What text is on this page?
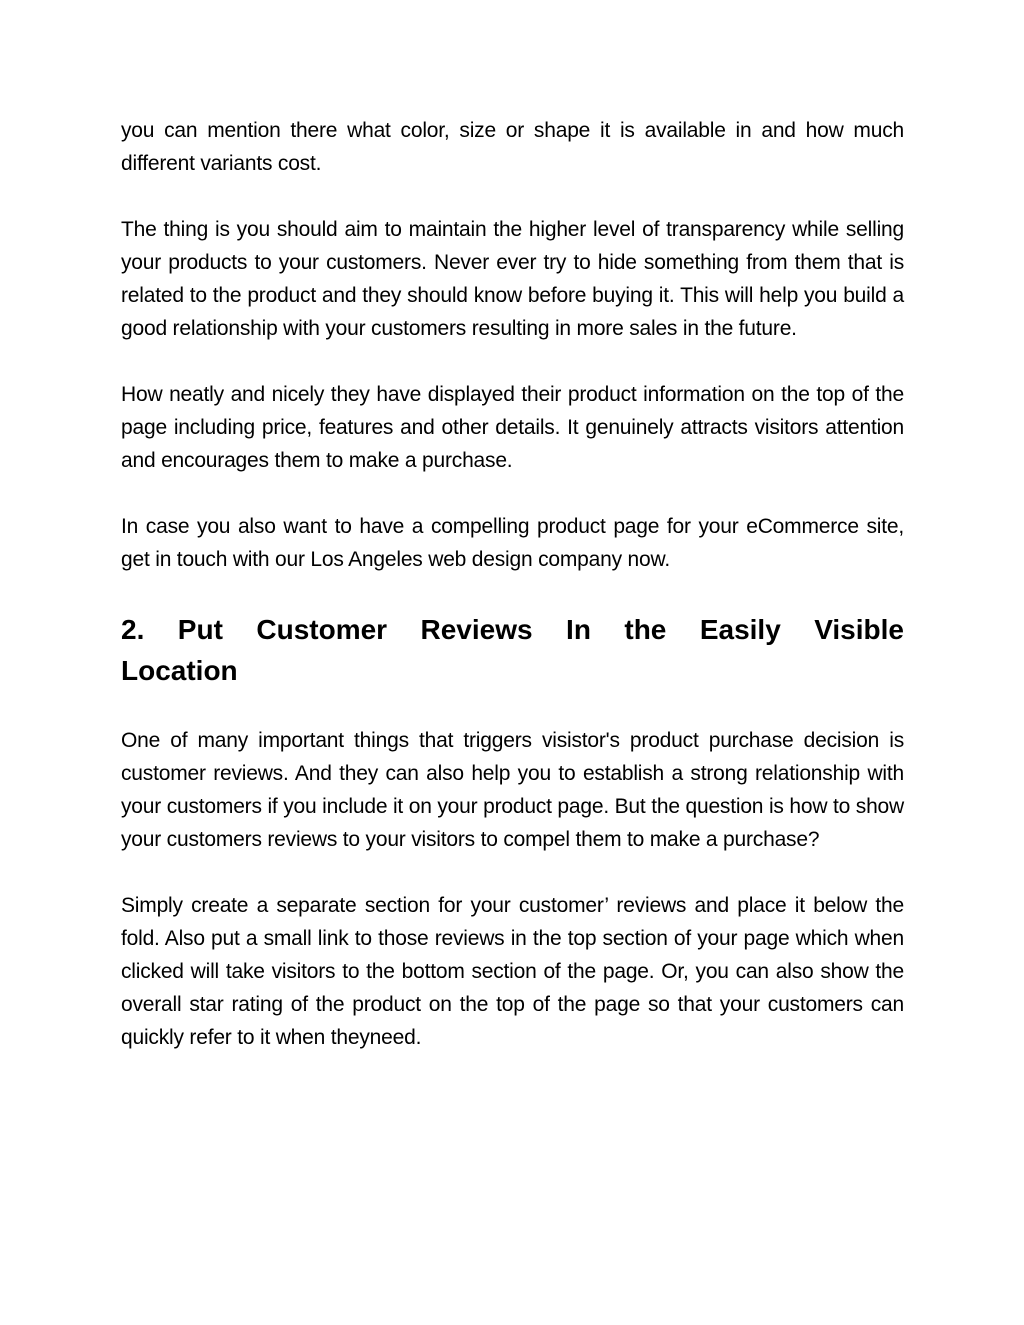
you can mention there what color, size or shape it is available in and how much different variants cost.

The thing is you should aim to maintain the higher level of transparency while selling your products to your customers. Never ever try to hide something from them that is related to the product and they should know before buying it. This will help you build a good relationship with your customers resulting in more sales in the future.

How neatly and nicely they have displayed their product information on the top of the page including price, features and other details. It genuinely attracts visitors attention and encourages them to make a purchase.

In case you also want to have a compelling product page for your eCommerce site, get in touch with our Los Angeles web design company now.

2. Put Customer Reviews In the Easily Visible Location

One of many important things that triggers visistor's product purchase decision is customer reviews. And they can also help you to establish a strong relationship with your customers if you include it on your product page. But the question is how to show your customers reviews to your visitors to compel them to make a purchase?

Simply create a separate section for your customer’ reviews and place it below the fold. Also put a small link to those reviews in the top section of your page which when clicked will take visitors to the bottom section of the page. Or, you can also show the overall star rating of the product on the top of the page so that your customers can quickly refer to it when theyneed.
